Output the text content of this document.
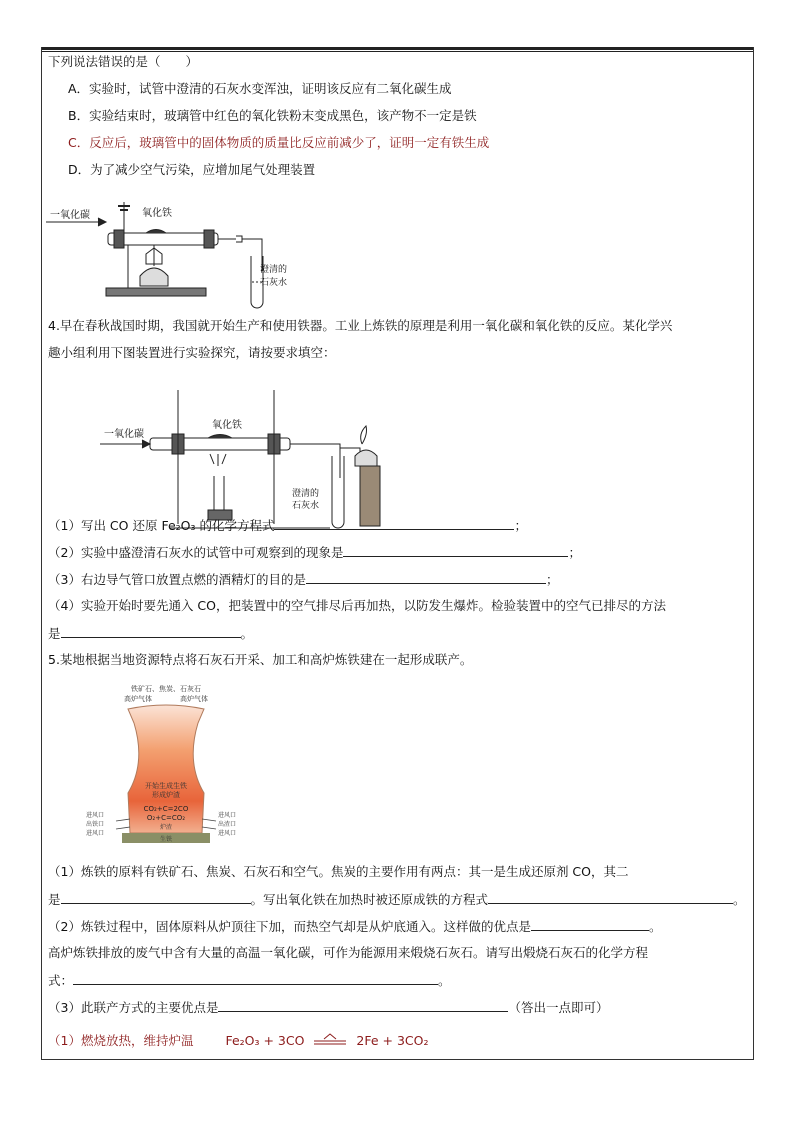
下列说法错误的是（　　）
A．实验时，试管中澄清的石灰水变浑浊，证明该反应有二氧化碳生成
B．实验结束时，玻璃管中红色的氧化铁粉末变成黑色，该产物不一定是铁
C．反应后，玻璃管中的固体物质的质量比反应前减少了，证明一定有铁生成
D．为了减少空气污染，应增加尾气处理装置
一氧化碳	氧化铁
澄清的
石灰水
4.早在春秋战国时期，我国就开始生产和使用铁器。工业上炼铁的原理是利用一氧化碳和氧化铁的反应。某化学兴
趣小组利用下图装置进行实验探究，请按要求填空：
一氧化碳
氧化铁
澄清的
石灰水
（1）写出 CO 还原 Fe₂O₃ 的化学方程式	；
（2）实验中盛澄清石灰水的试管中可观察到的现象是	；
（3）右边导气管口放置点燃的酒精灯的目的是	；
（4）实验开始时要先通入 CO，把装置中的空气排尽后再加热，以防发生爆炸。检验装置中的空气已排尽的方法
是	。
5.某地根据当地资源特点将石灰石开采、加工和高炉炼铁建在一起形成联产。
铁矿石、焦炭、石灰石
高炉气体	高炉气体
开始生成生铁
形成炉渣
CO₂+C=2CO
O₂+C=CO₂
进风口
出铁口
进风口
进风口
出渣口
进风口
炉渣
生铁
（1）炼铁的原料有铁矿石、焦炭、石灰石和空气。焦炭的主要作用有两点：其一是生成还原剂 CO，其二
是	。写出氧化铁在加热时被还原成铁的方程式	。
（2）炼铁过程中，固体原料从炉顶往下加，而热空气却是从炉底通入。这样做的优点是	。
高炉炼铁排放的废气中含有大量的高温一氧化碳，可作为能源用来煅烧石灰石。请写出煅烧石灰石的化学方程
式：	。
（3）此联产方式的主要优点是	（答出一点即可）
（1）燃烧放热，维持炉温	Fe₂O₃ + 3CO	2Fe + 3CO₂
